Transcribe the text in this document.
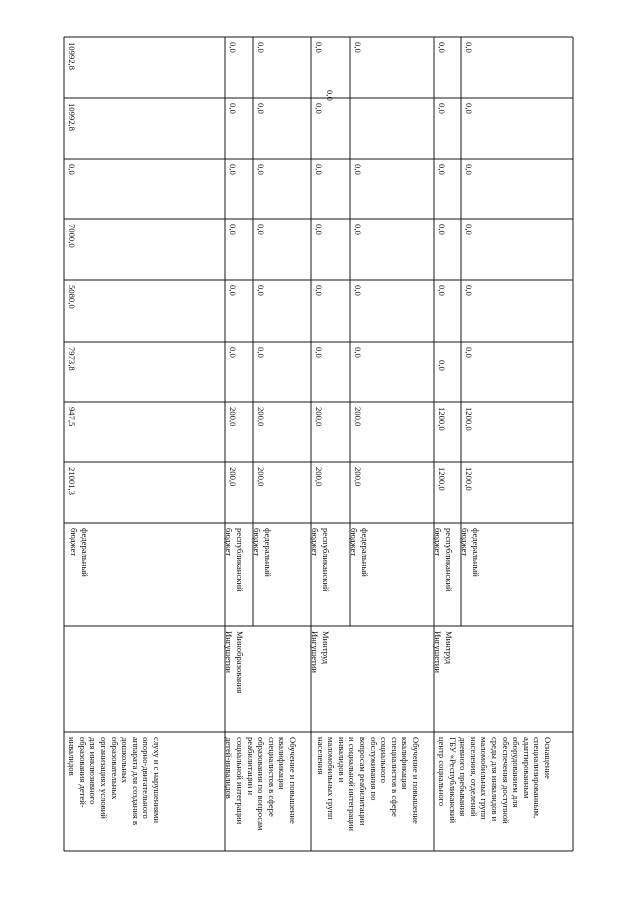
слуху и с нарушениями
опорно-двигательного
аппарата для создания в
дошкольных
образовательных
организациях условий
для инклюзивного
образования детей-
инвалидов
федеральный
бюджет
21001,3
947,5
7973,8
5080,0
7000,0
0,0
10992,8
10992,8
Обучение и повышение
квалификации
специалистов в сфере
образования по вопросам
реабилитации и
социальной интеграции
детей-инвалидов
Минобразования
Ингушетии
республиканский
бюджет
200,0
200,0
0,0
0,0
0,0
0,0
0,0
0,0
федеральный
бюджет
200,0
200,0
0,0
0,0
0,0
0,0
0,0
0,0
Обучение и повышение
квалификации
специалистов в сфере
социального
обслуживания по
вопросам реабилитации
и социальной интеграции
инвалидов и
маломобильных групп
населения
Минтруд
Ингушетии
республиканский
бюджет
200,0
200,0
0,0
0,0
0,0
0,0
0,0
0,0
федеральный
бюджет
200,0
200,0
0,0
0,0
0,0
0,0
0,0
0,0
Оснащение
специализированным,
адаптированным
оборудованием для
обеспечения доступной
среды для инвалидов и
маломобильных групп
населения, отделений
дневного пребывания
ГБУ «Республиканский
центр социального
Минтруд
Ингушетии
республиканский
бюджет
1200,0
1200,0
0,0
0,0
0,0
0,0
0,0
0,0
федеральный
бюджет
1200,0
1200,0
0,0
0,0
0,0
0,0
0,0
0,0
